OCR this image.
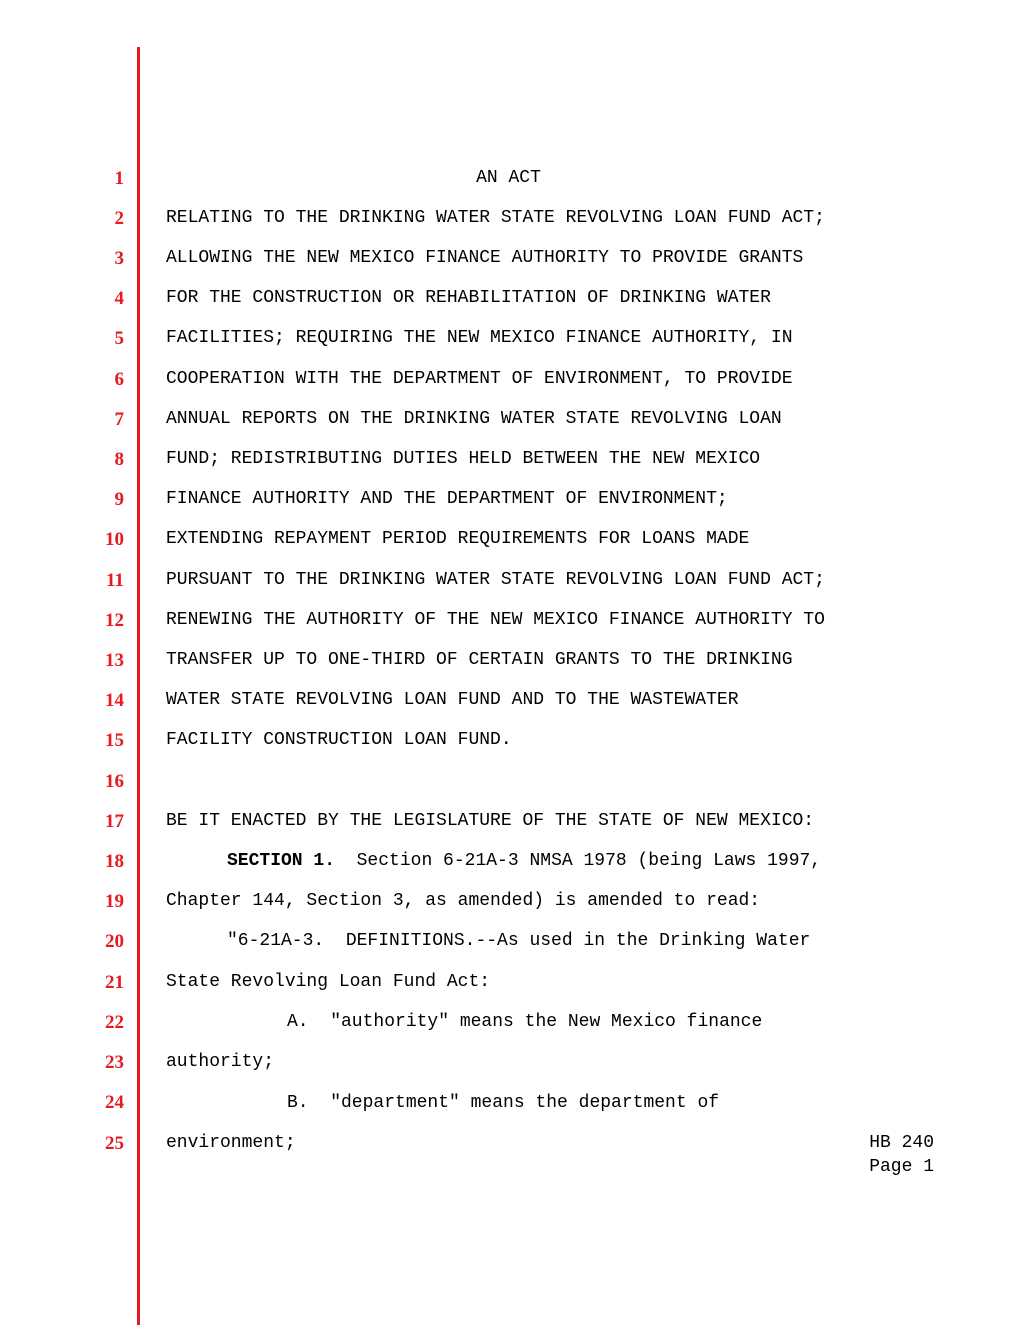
1
2
3
4
5
6
7
8
9
10
11
12
13
14
15
16
17
18
19
20
21
22
23
24
25
AN ACT
RELATING TO THE DRINKING WATER STATE REVOLVING LOAN FUND ACT;
ALLOWING THE NEW MEXICO FINANCE AUTHORITY TO PROVIDE GRANTS
FOR THE CONSTRUCTION OR REHABILITATION OF DRINKING WATER
FACILITIES; REQUIRING THE NEW MEXICO FINANCE AUTHORITY, IN
COOPERATION WITH THE DEPARTMENT OF ENVIRONMENT, TO PROVIDE
ANNUAL REPORTS ON THE DRINKING WATER STATE REVOLVING LOAN
FUND; REDISTRIBUTING DUTIES HELD BETWEEN THE NEW MEXICO
FINANCE AUTHORITY AND THE DEPARTMENT OF ENVIRONMENT;
EXTENDING REPAYMENT PERIOD REQUIREMENTS FOR LOANS MADE
PURSUANT TO THE DRINKING WATER STATE REVOLVING LOAN FUND ACT;
RENEWING THE AUTHORITY OF THE NEW MEXICO FINANCE AUTHORITY TO
TRANSFER UP TO ONE-THIRD OF CERTAIN GRANTS TO THE DRINKING
WATER STATE REVOLVING LOAN FUND AND TO THE WASTEWATER
FACILITY CONSTRUCTION LOAN FUND.
BE IT ENACTED BY THE LEGISLATURE OF THE STATE OF NEW MEXICO:
SECTION 1.  Section 6-21A-3 NMSA 1978 (being Laws 1997,
Chapter 144, Section 3, as amended) is amended to read:
"6-21A-3.  DEFINITIONS.--As used in the Drinking Water
State Revolving Loan Fund Act:
A.  "authority" means the New Mexico finance
authority;
B.  "department" means the department of
environment;	HB 240
Page 1
